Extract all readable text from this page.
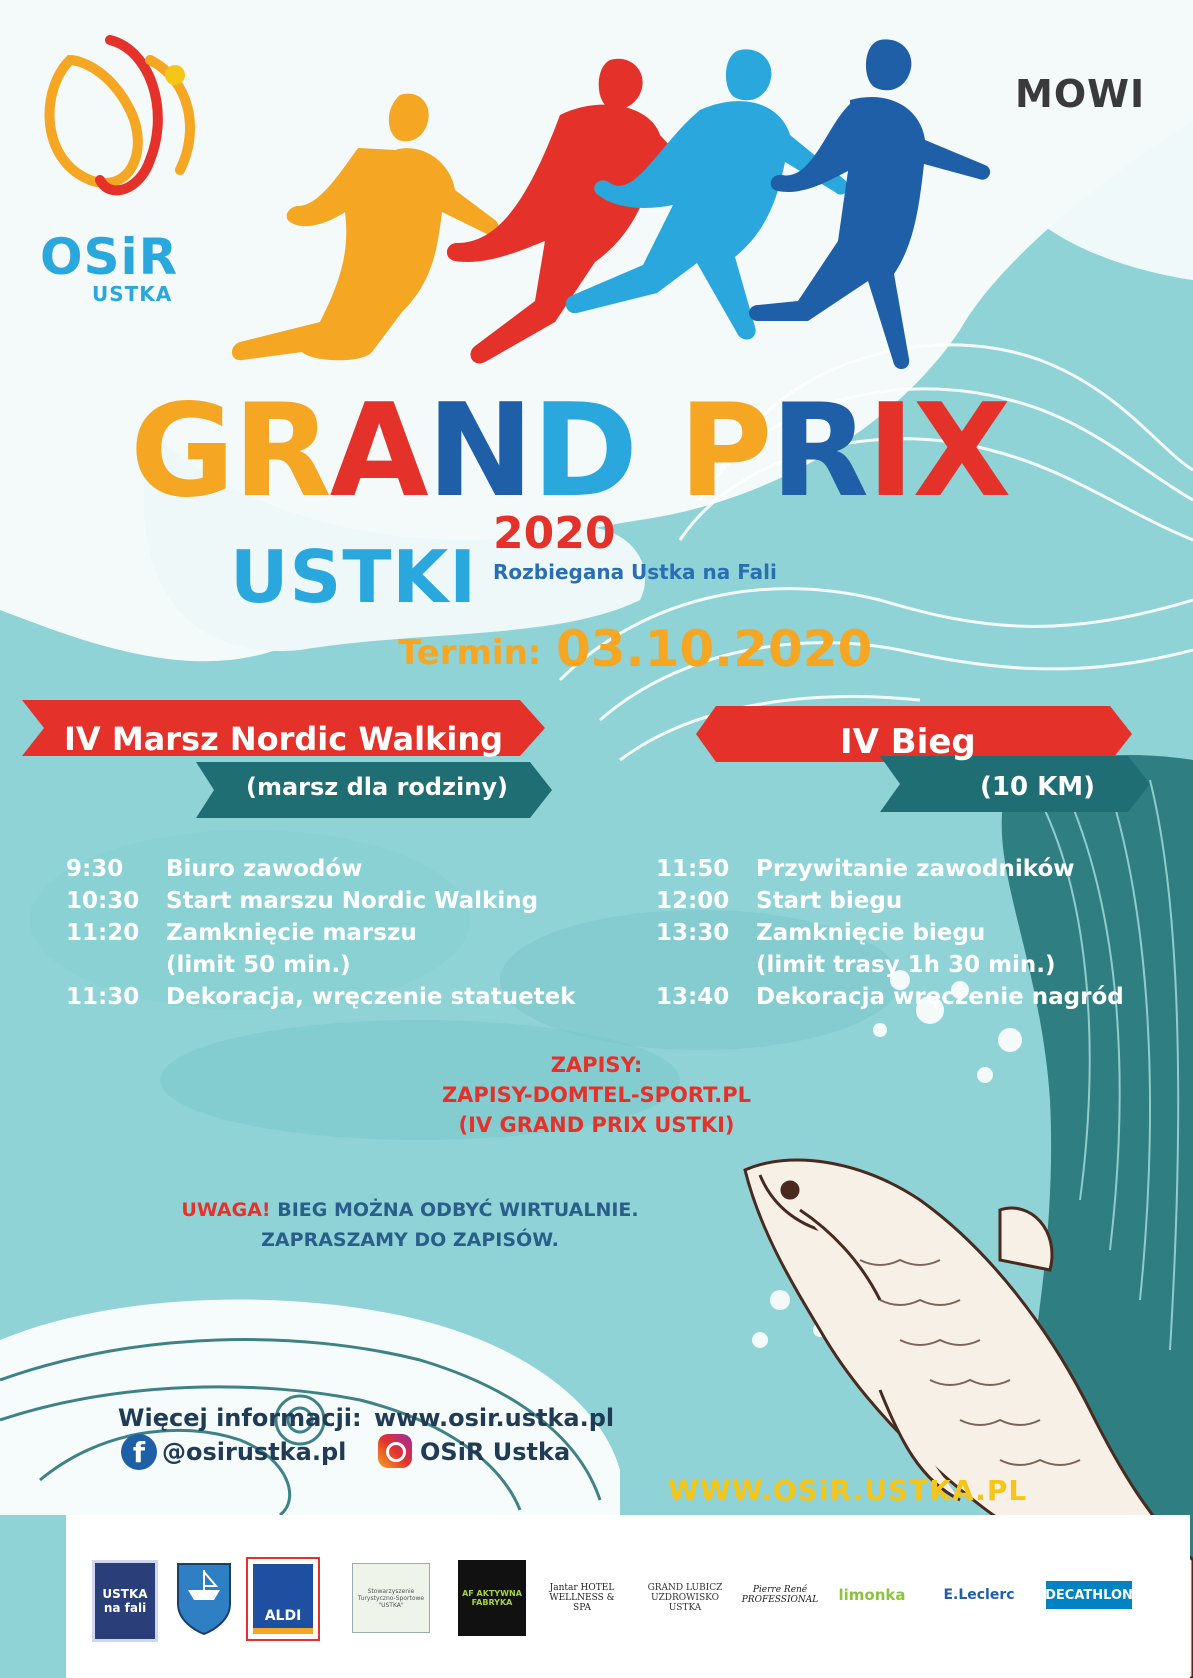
OSiR
USTKA
MOWI
GRAND PRIX
USTKI
2020
Rozbiegana Ustka na Fali
Termin: 03.10.2020
IV Marsz Nordic Walking
(marsz dla rodziny)
IV Bieg
(10 KM)
9:30	Biuro zawodów
10:30	Start marszu Nordic Walking
11:20	Zamknięcie marszu
(limit 50 min.)
11:30	Dekoracja, wręczenie statuetek
11:50	Przywitanie zawodników
12:00	Start biegu
13:30	Zamknięcie biegu
(limit trasy 1h 30 min.)
13:40	Dekoracja wręczenie nagród
ZAPISY:
ZAPISY-DOMTEL-SPORT.PL
(IV GRAND PRIX USTKI)
UWAGA! BIEG MOŻNA ODBYĆ WIRTUALNIE.
ZAPRASZAMY DO ZAPISÓW.
Więcej informacji: www.osir.ustka.pl
f @osirustka.pl	OSiR Ustka
WWW.OSiR.USTKA.PL
USTKA na fali	ALDI
Stowarzyszenie Turystyczno-Sportowe "USTKA"
AF AKTYWNA FABRYKA
Jantar HOTEL WELLNESS & SPA
GRAND LUBICZ UZDROWISKO USTKA
Pierre René PROFESSIONAL limonka	E.Leclerc DECATHLON
